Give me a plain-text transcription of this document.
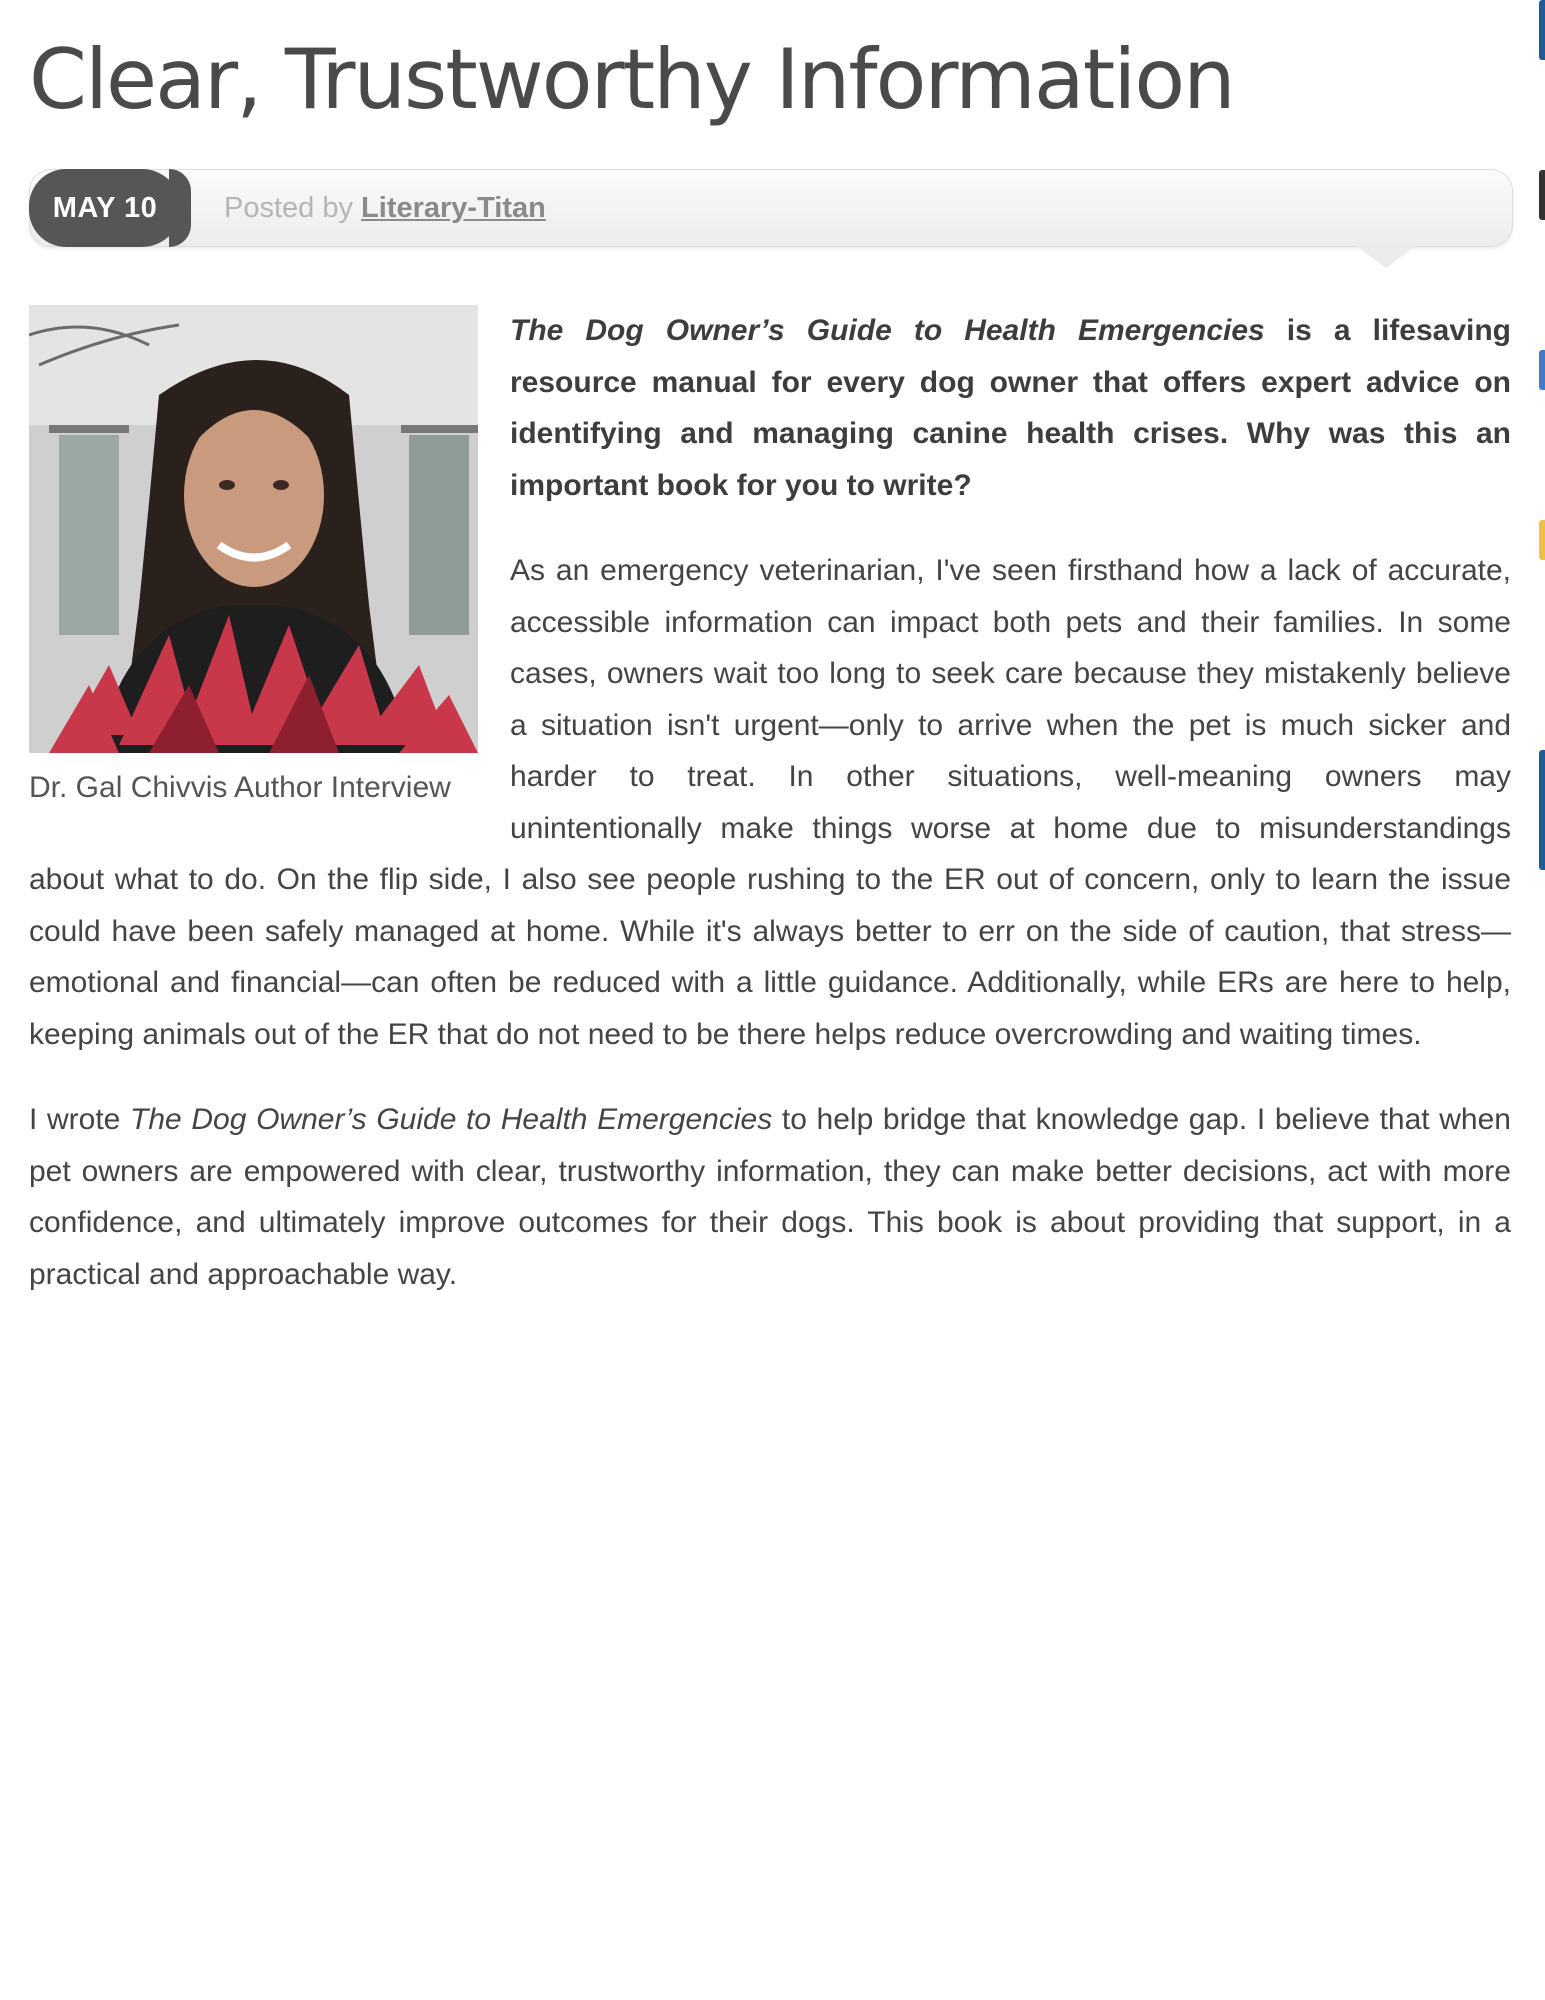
Clear, Trustworthy Information
MAY 10	Posted by Literary-Titan
Dr. Gal Chivvis Author Interview

The Dog Owner’s Guide to Health Emergencies is a lifesaving resource manual for every dog owner that offers expert advice on identifying and managing canine health crises. Why was this an important book for you to write?

As an emergency veterinarian, I've seen firsthand how a lack of accurate, accessible information can impact both pets and their families. In some cases, owners wait too long to seek care because they mistakenly believe a situation isn't urgent—only to arrive when the pet is much sicker and harder to treat. In other situations, well-meaning owners may unintentionally make things worse at home due to misunderstandings about what to do. On the flip side, I also see people rushing to the ER out of concern, only to learn the issue could have been safely managed at home. While it's always better to err on the side of caution, that stress—emotional and financial—can often be reduced with a little guidance. Additionally, while ERs are here to help, keeping animals out of the ER that do not need to be there helps reduce overcrowding and waiting times.

I wrote The Dog Owner’s Guide to Health Emergencies to help bridge that knowledge gap. I believe that when pet owners are empowered with clear, trustworthy information, they can make better decisions, act with more confidence, and ultimately improve outcomes for their dogs. This book is about providing that support, in a practical and approachable way.
